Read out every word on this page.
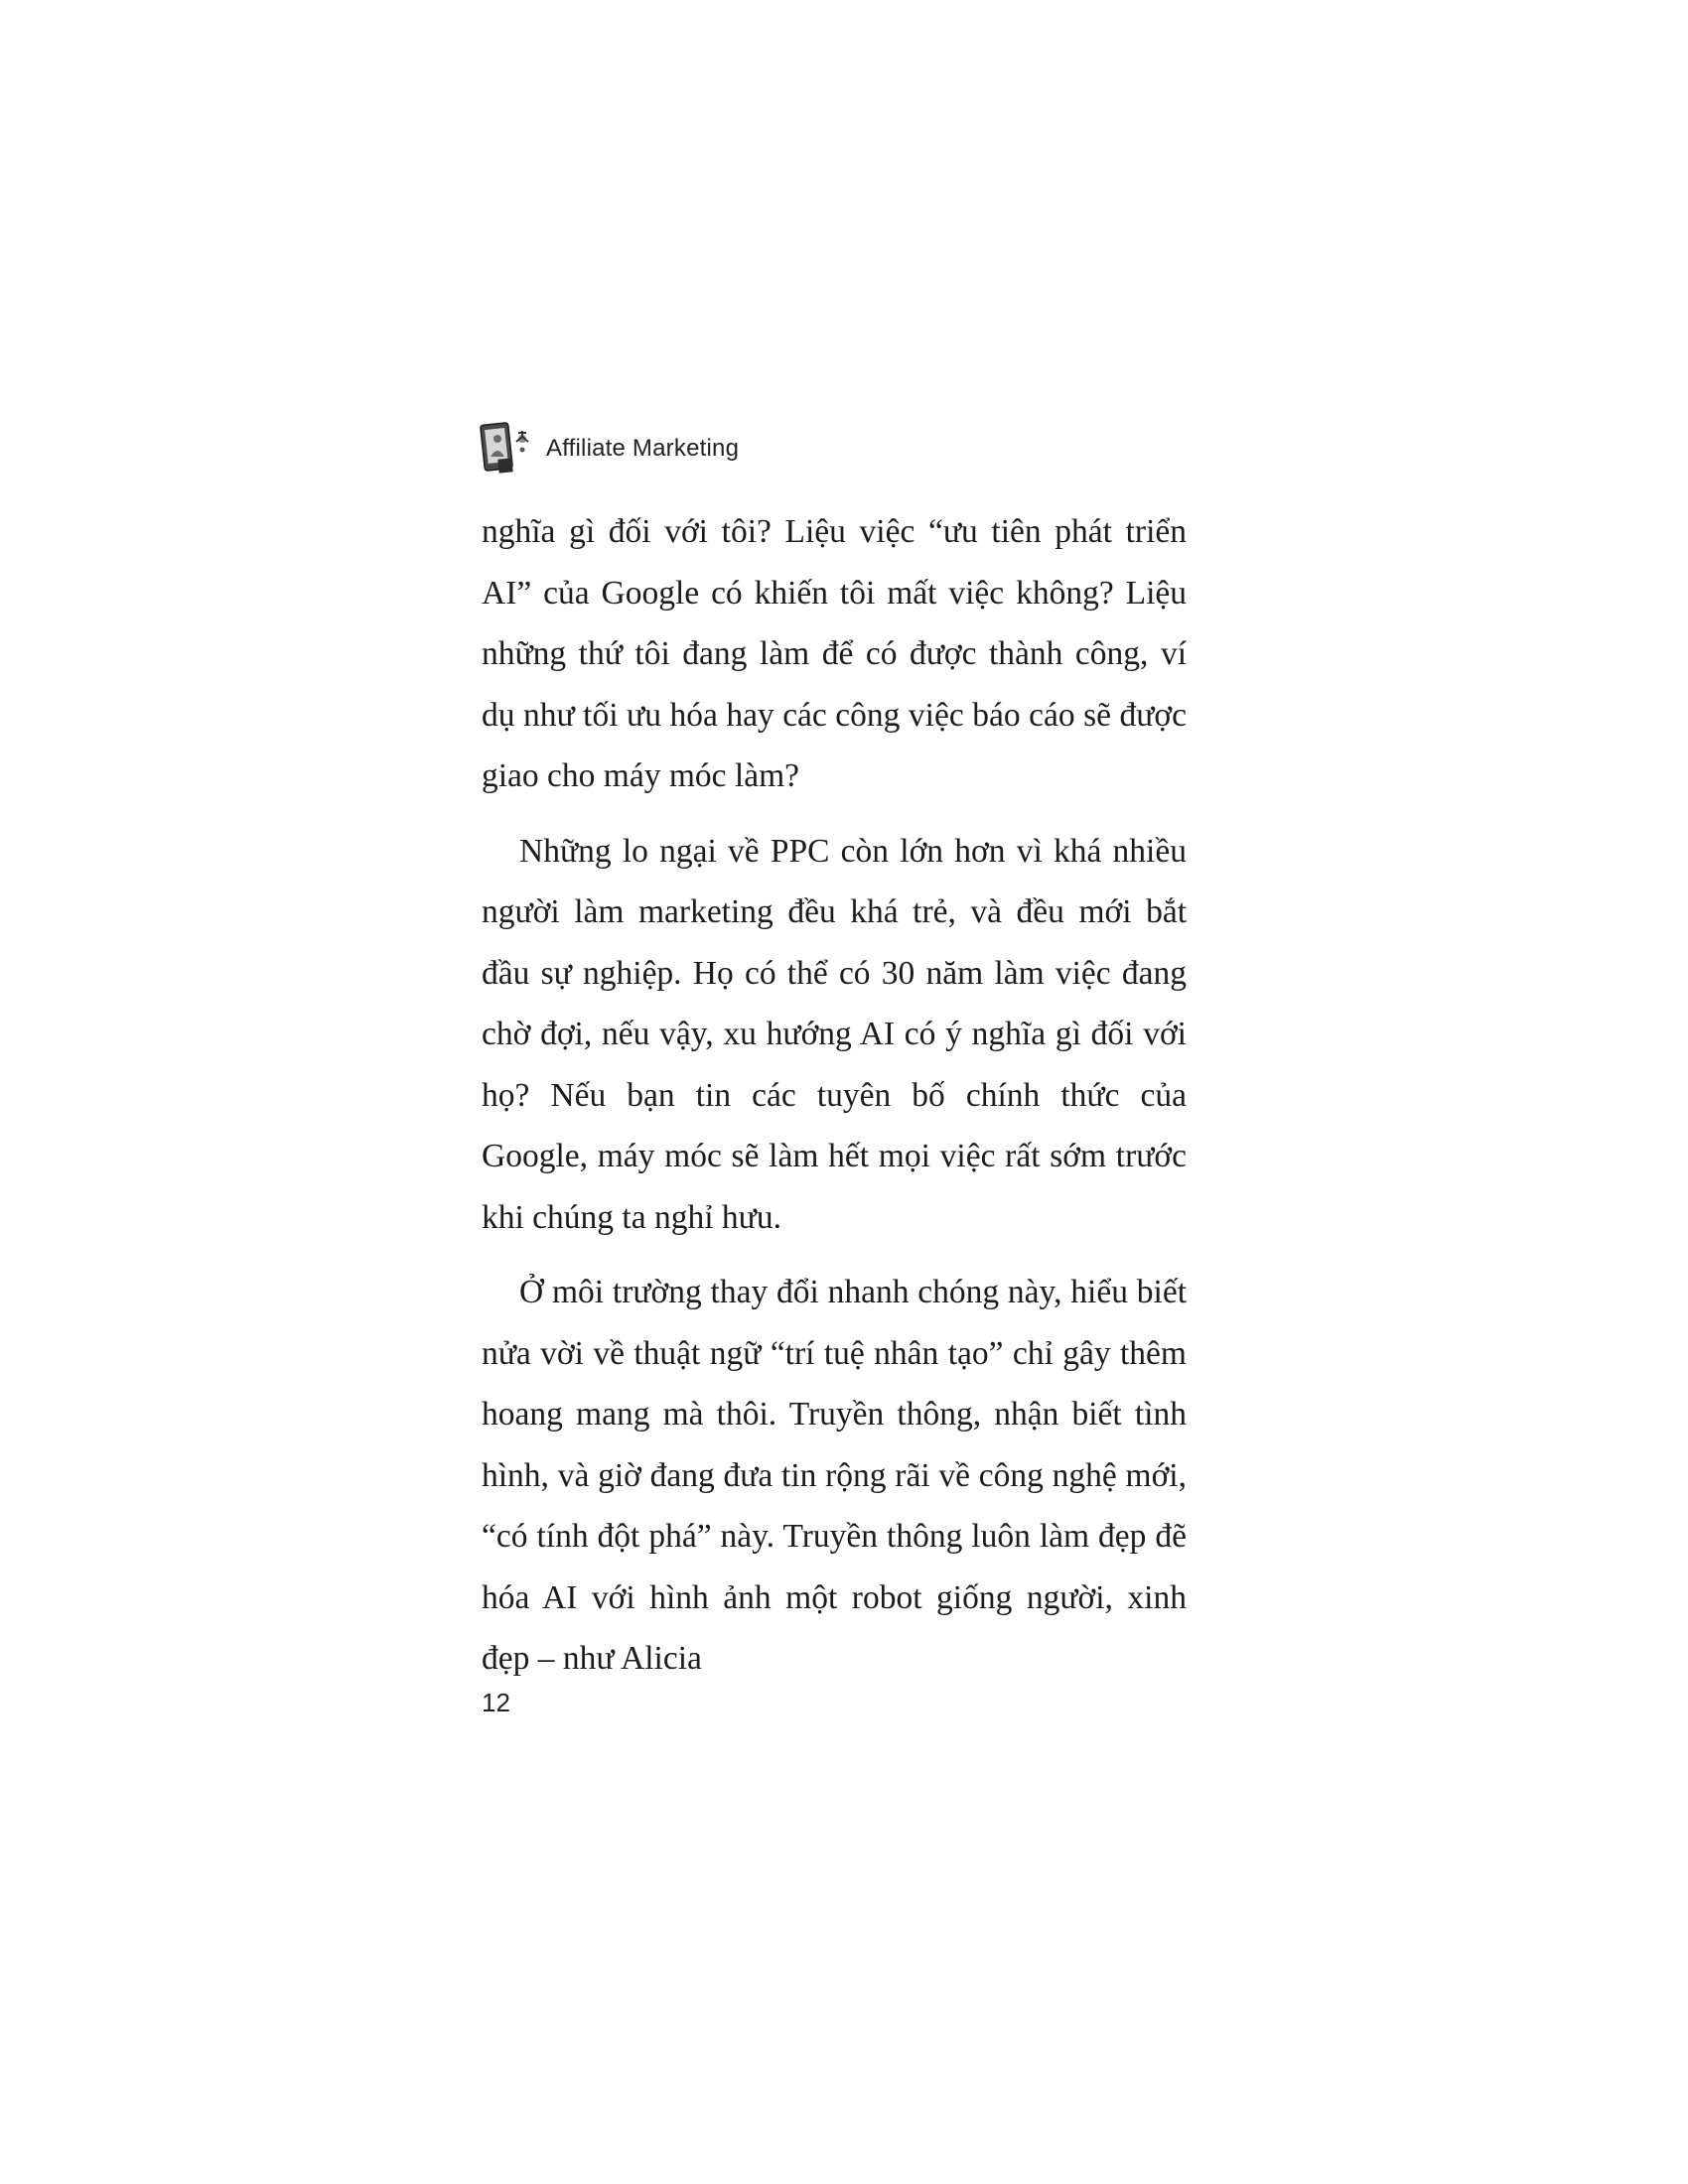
Affiliate Marketing

nghĩa gì đối với tôi? Liệu việc “ưu tiên phát triển AI” của Google có khiến tôi mất việc không? Liệu những thứ tôi đang làm để có được thành công, ví dụ như tối ưu hóa hay các công việc báo cáo sẽ được giao cho máy móc làm?

Những lo ngại về PPC còn lớn hơn vì khá nhiều người làm marketing đều khá trẻ, và đều mới bắt đầu sự nghiệp. Họ có thể có 30 năm làm việc đang chờ đợi, nếu vậy, xu hướng AI có ý nghĩa gì đối với họ? Nếu bạn tin các tuyên bố chính thức của Google, máy móc sẽ làm hết mọi việc rất sớm trước khi chúng ta nghỉ hưu.

Ở môi trường thay đổi nhanh chóng này, hiểu biết nửa vời về thuật ngữ “trí tuệ nhân tạo” chỉ gây thêm hoang mang mà thôi. Truyền thông, nhận biết tình hình, và giờ đang đưa tin rộng rãi về công nghệ mới, “có tính đột phá” này. Truyền thông luôn làm đẹp đẽ hóa AI với hình ảnh một robot giống người, xinh đẹp – như Alicia

12
